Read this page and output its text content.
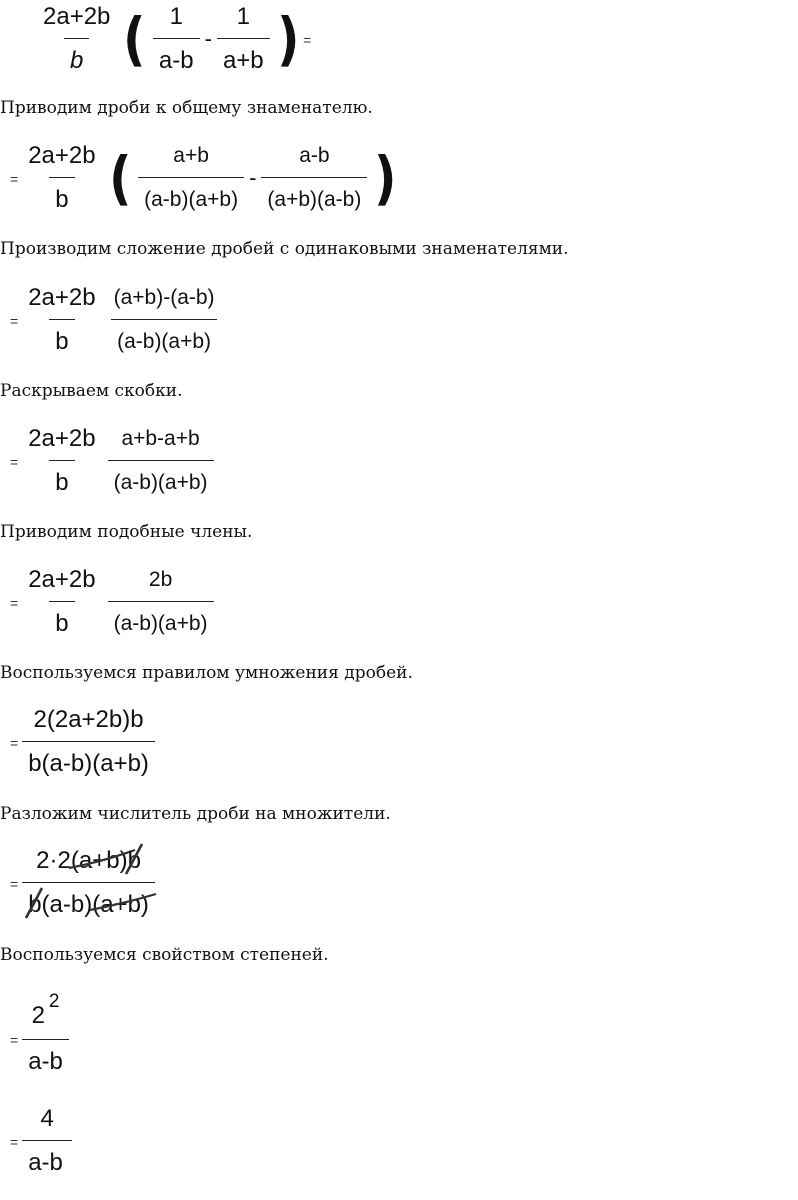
$\frac{2a+2b}{b}$ ( $\frac{1}{a-b} - \frac{1}{a+b}$ ) =
Приводим дроби к общему знаменателю.
= $\frac{2a+2b}{b}$ ( $\frac{a+b}{(a-b)(a+b)} - \frac{a-b}{(a+b)(a-b)}$ )
Производим сложение дробей с одинаковыми знаменателями.
= $\frac{2a+2b}{b} \frac{(a+b)-(a-b)}{(a-b)(a+b)}$
Раскрываем скобки.
= $\frac{2a+2b}{b} \frac{a+b-a+b}{(a-b)(a+b)}$
Приводим подобные члены.
= $\frac{2a+2b}{b} \frac{2b}{(a-b)(a+b)}$
Воспользуемся правилом умножения дробей.
= $\frac{2(2a+2b)b}{b(a-b)(a+b)}$
Разложим числитель дроби на множители.
= 2·2(a+b)
b
b
(a-b)(a+b)
Воспользуемся свойством степеней.
= $\frac{2^2}{a-b}$
= $\frac{4}{a-b}$
